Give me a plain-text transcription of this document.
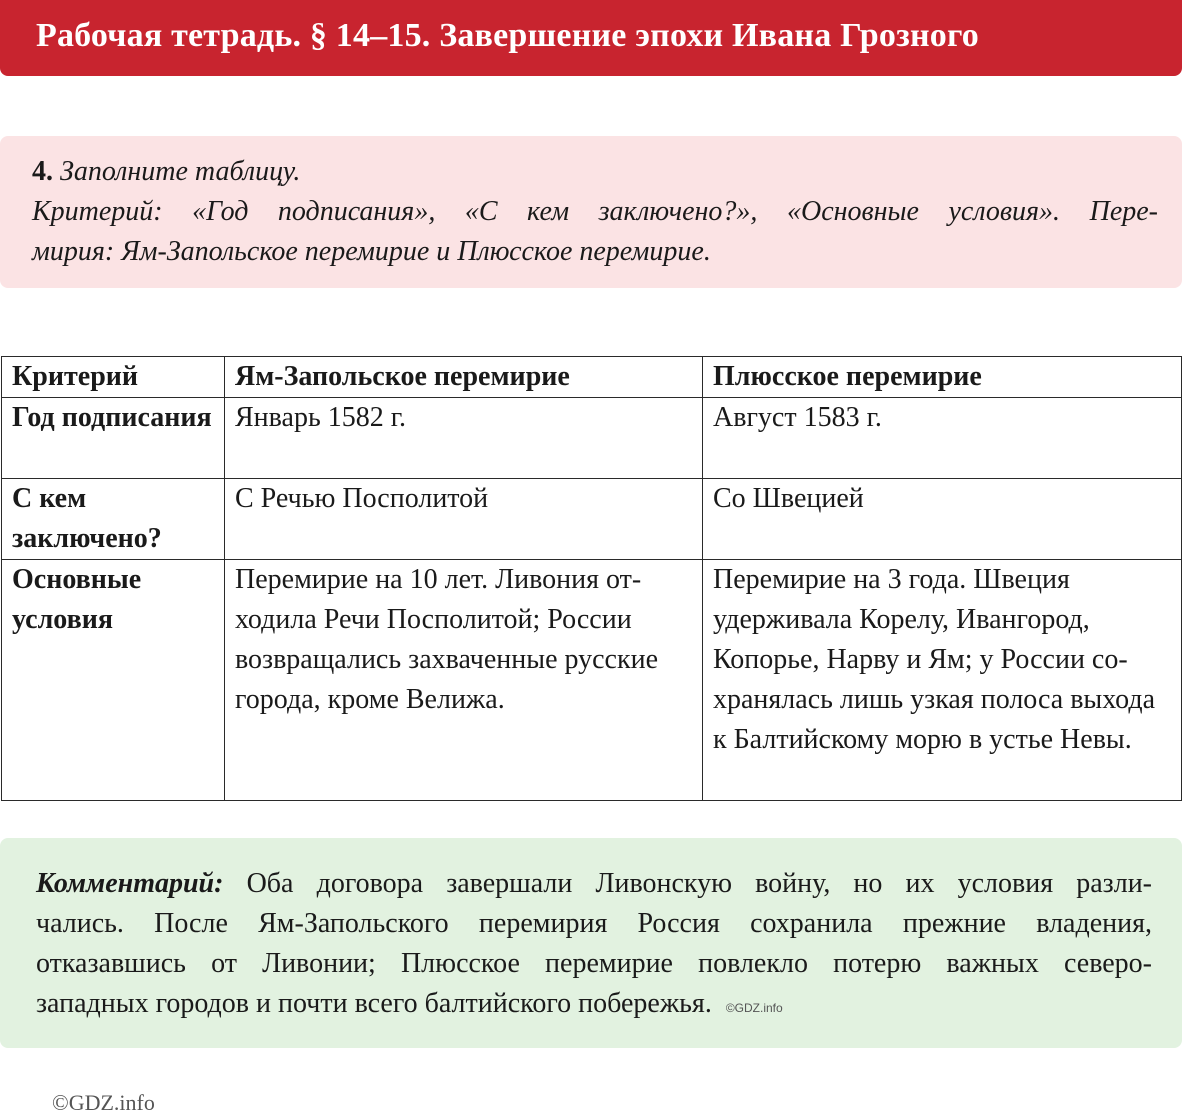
Рабочая тетрадь. § 14–15. Завершение эпохи Ивана Грозного
4. Заполните таблицу.
Критерий: «Год подписания», «С кем заключено?», «Основные условия». Пере-
мирия: Ям-Запольское перемирие и Плюсское перемирие.
Критерий	Ям-Запольское перемирие	Плюсское перемирие
Год подписания	Январь 1582 г.	Август 1583 г.
С кем заключено?	С Речью Посполитой	Со Швецией
Основные условия	Перемирие на 10 лет. Ливония отходила Речи Посполитой; России возвращались захваченные русские города, кроме Велижа.	Перемирие на 3 года. Швеция удерживала Корелу, Ивангород, Копорье, Нарву и Ям; у России сохранялась лишь узкая полоса выхода к Балтийскому морю в устье Невы.
Комментарий: Оба договора завершали Ливонскую войну, но их условия разли-
чались. После Ям-Запольского перемирия Россия сохранила прежние владения,
отказавшись от Ливонии; Плюсское перемирие повлекло потерю важных северо-
западных городов и почти всего балтийского побережья. ©GDZ.info
©GDZ.info
